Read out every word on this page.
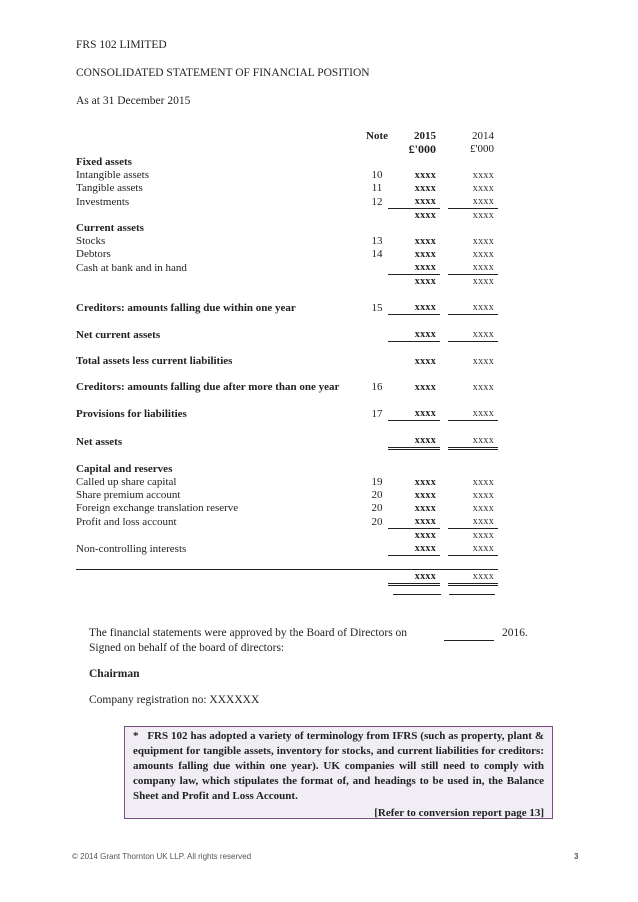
FRS 102 LIMITED
CONSOLIDATED STATEMENT OF FINANCIAL POSITION
As at 31 December 2015
	Note	2015		2014
		£'000		£'000
Fixed assets				
Intangible assets	10	xxxx		xxxx
Tangible assets	11	xxxx		xxxx
Investments	12	xxxx		xxxx
		xxxx		xxxx
Current assets				
Stocks	13	xxxx		xxxx
Debtors	14	xxxx		xxxx
Cash at bank and in hand		xxxx		xxxx
		xxxx		xxxx

Creditors: amounts falling due within one year	15	xxxx		xxxx

Net current assets		xxxx		xxxx

Total assets less current liabilities		xxxx		xxxx

Creditors: amounts falling due after more than one year	16	xxxx		xxxx

Provisions for liabilities	17	xxxx		xxxx

Net assets		xxxx		xxxx

Capital and reserves				
Called up share capital	19	xxxx		xxxx
Share premium account	20	xxxx		xxxx
Foreign exchange translation reserve	20	xxxx		xxxx
Profit and loss account	20	xxxx		xxxx
		xxxx		xxxx
Non-controlling interests		xxxx		xxxx

		xxxx		xxxx
The financial statements were approved by the Board of Directors on	2016.
Signed on behalf of the board of directors:
Chairman
Company registration no: XXXXXX
* FRS 102 has adopted a variety of terminology from IFRS (such as property, plant & equipment for tangible assets, inventory for stocks, and current liabilities for creditors: amounts falling due within one year). UK companies will still need to comply with company law, which stipulates the format of, and headings to be used in, the Balance Sheet and Profit and Loss Account.
[Refer to conversion report page 13]
© 2014 Grant Thornton UK LLP. All rights reserved	3
